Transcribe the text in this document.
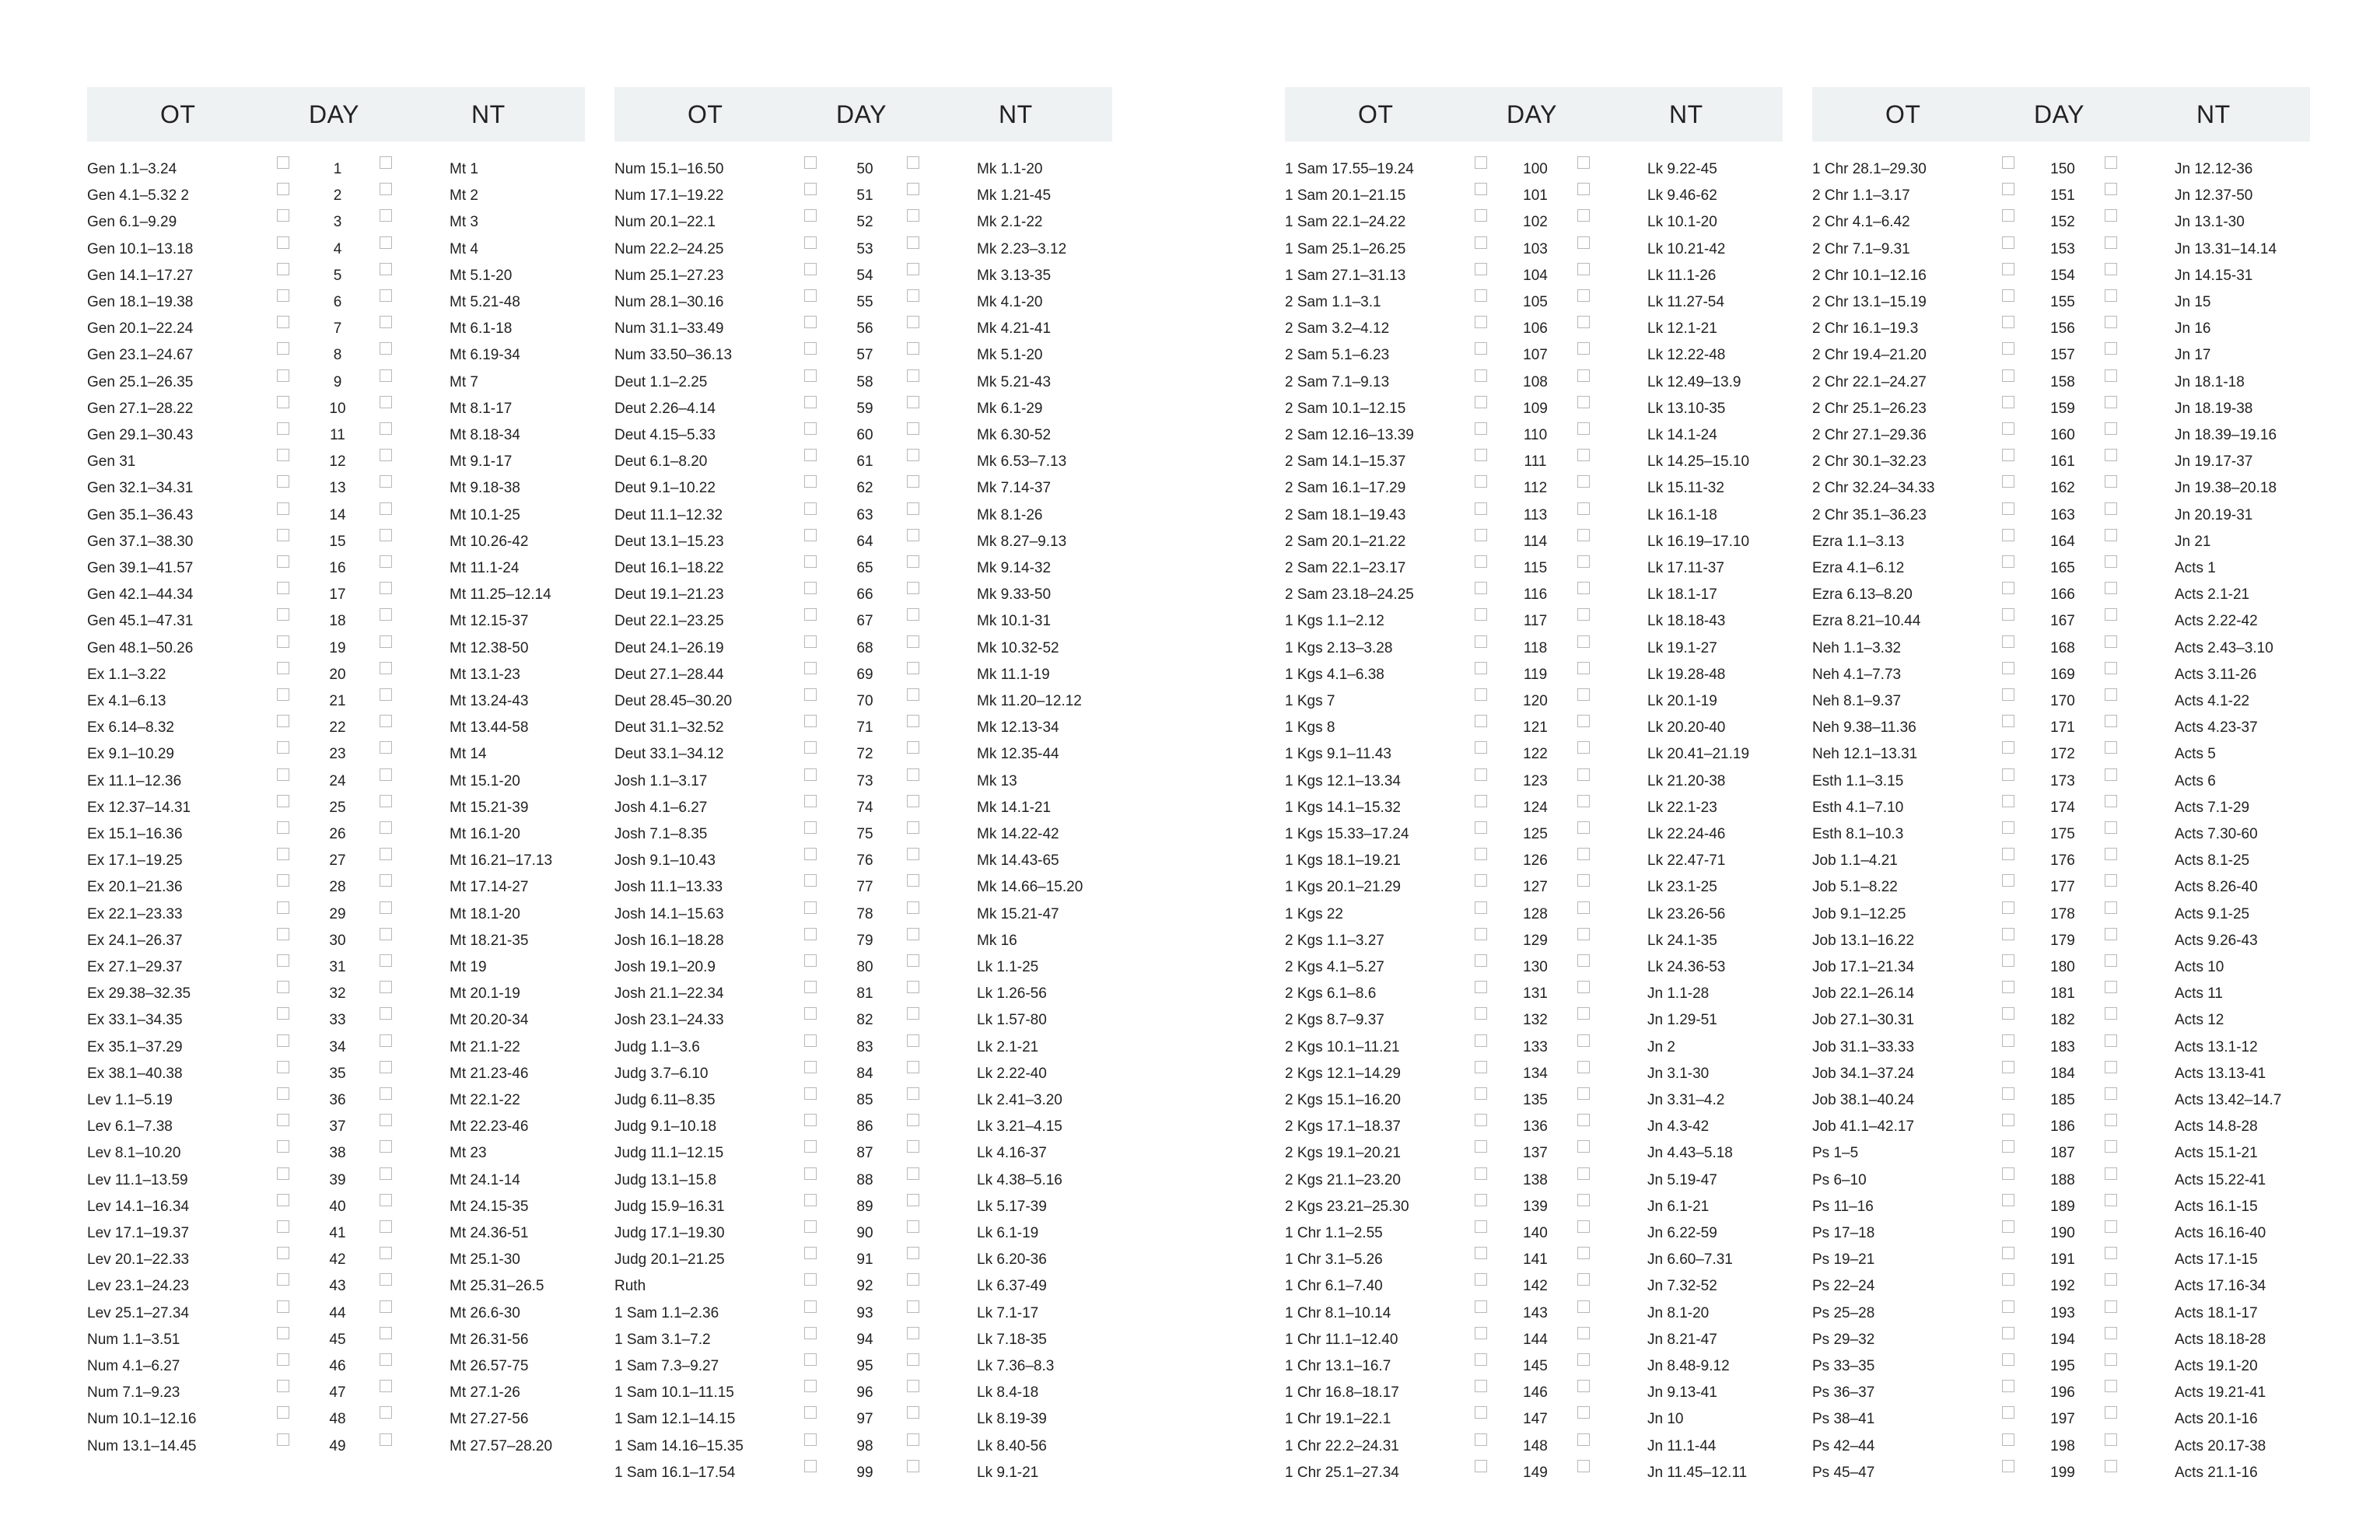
OT	DAY	NT
Gen 1.1–3.24	1	Mt 1
Gen 4.1–5.32 2	2	Mt 2
Gen 6.1–9.29	3	Mt 3
Gen 10.1–13.18	4	Mt 4
Gen 14.1–17.27	5	Mt 5.1-20
Gen 18.1–19.38	6	Mt 5.21-48
Gen 20.1–22.24	7	Mt 6.1-18
Gen 23.1–24.67	8	Mt 6.19-34
Gen 25.1–26.35	9	Mt 7
Gen 27.1–28.22	10	Mt 8.1-17
Gen 29.1–30.43	11	Mt 8.18-34
Gen 31	12	Mt 9.1-17
Gen 32.1–34.31	13	Mt 9.18-38
Gen 35.1–36.43	14	Mt 10.1-25
Gen 37.1–38.30	15	Mt 10.26-42
Gen 39.1–41.57	16	Mt 11.1-24
Gen 42.1–44.34	17	Mt 11.25–12.14
Gen 45.1–47.31	18	Mt 12.15-37
Gen 48.1–50.26	19	Mt 12.38-50
Ex 1.1–3.22	20	Mt 13.1-23
Ex 4.1–6.13	21	Mt 13.24-43
Ex 6.14–8.32	22	Mt 13.44-58
Ex 9.1–10.29	23	Mt 14
Ex 11.1–12.36	24	Mt 15.1-20
Ex 12.37–14.31	25	Mt 15.21-39
Ex 15.1–16.36	26	Mt 16.1-20
Ex 17.1–19.25	27	Mt 16.21–17.13
Ex 20.1–21.36	28	Mt 17.14-27
Ex 22.1–23.33	29	Mt 18.1-20
Ex 24.1–26.37	30	Mt 18.21-35
Ex 27.1–29.37	31	Mt 19
Ex 29.38–32.35	32	Mt 20.1-19
Ex 33.1–34.35	33	Mt 20.20-34
Ex 35.1–37.29	34	Mt 21.1-22
Ex 38.1–40.38	35	Mt 21.23-46
Lev 1.1–5.19	36	Mt 22.1-22
Lev 6.1–7.38	37	Mt 22.23-46
Lev 8.1–10.20	38	Mt 23
Lev 11.1–13.59	39	Mt 24.1-14
Lev 14.1–16.34	40	Mt 24.15-35
Lev 17.1–19.37	41	Mt 24.36-51
Lev 20.1–22.33	42	Mt 25.1-30
Lev 23.1–24.23	43	Mt 25.31–26.5
Lev 25.1–27.34	44	Mt 26.6-30
Num 1.1–3.51	45	Mt 26.31-56
Num 4.1–6.27	46	Mt 26.57-75
Num 7.1–9.23	47	Mt 27.1-26
Num 10.1–12.16	48	Mt 27.27-56
Num 13.1–14.45	49	Mt 27.57–28.20
OT	DAY	NT
Num 15.1–16.50	50	Mk 1.1-20
Num 17.1–19.22	51	Mk 1.21-45
Num 20.1–22.1	52	Mk 2.1-22
Num 22.2–24.25	53	Mk 2.23–3.12
Num 25.1–27.23	54	Mk 3.13-35
Num 28.1–30.16	55	Mk 4.1-20
Num 31.1–33.49	56	Mk 4.21-41
Num 33.50–36.13	57	Mk 5.1-20
Deut 1.1–2.25	58	Mk 5.21-43
Deut 2.26–4.14	59	Mk 6.1-29
Deut 4.15–5.33	60	Mk 6.30-52
Deut 6.1–8.20	61	Mk 6.53–7.13
Deut 9.1–10.22	62	Mk 7.14-37
Deut 11.1–12.32	63	Mk 8.1-26
Deut 13.1–15.23	64	Mk 8.27–9.13
Deut 16.1–18.22	65	Mk 9.14-32
Deut 19.1–21.23	66	Mk 9.33-50
Deut 22.1–23.25	67	Mk 10.1-31
Deut 24.1–26.19	68	Mk 10.32-52
Deut 27.1–28.44	69	Mk 11.1-19
Deut 28.45–30.20	70	Mk 11.20–12.12
Deut 31.1–32.52	71	Mk 12.13-34
Deut 33.1–34.12	72	Mk 12.35-44
Josh 1.1–3.17	73	Mk 13
Josh 4.1–6.27	74	Mk 14.1-21
Josh 7.1–8.35	75	Mk 14.22-42
Josh 9.1–10.43	76	Mk 14.43-65
Josh 11.1–13.33	77	Mk 14.66–15.20
Josh 14.1–15.63	78	Mk 15.21-47
Josh 16.1–18.28	79	Mk 16
Josh 19.1–20.9	80	Lk 1.1-25
Josh 21.1–22.34	81	Lk 1.26-56
Josh 23.1–24.33	82	Lk 1.57-80
Judg 1.1–3.6	83	Lk 2.1-21
Judg 3.7–6.10	84	Lk 2.22-40
Judg 6.11–8.35	85	Lk 2.41–3.20
Judg 9.1–10.18	86	Lk 3.21–4.15
Judg 11.1–12.15	87	Lk 4.16-37
Judg 13.1–15.8	88	Lk 4.38–5.16
Judg 15.9–16.31	89	Lk 5.17-39
Judg 17.1–19.30	90	Lk 6.1-19
Judg 20.1–21.25	91	Lk 6.20-36
Ruth	92	Lk 6.37-49
1 Sam 1.1–2.36	93	Lk 7.1-17
1 Sam 3.1–7.2	94	Lk 7.18-35
1 Sam 7.3–9.27	95	Lk 7.36–8.3
1 Sam 10.1–11.15	96	Lk 8.4-18
1 Sam 12.1–14.15	97	Lk 8.19-39
1 Sam 14.16–15.35	98	Lk 8.40-56
1 Sam 16.1–17.54	99	Lk 9.1-21
OT	DAY	NT
1 Sam 17.55–19.24	100	Lk 9.22-45
1 Sam 20.1–21.15	101	Lk 9.46-62
1 Sam 22.1–24.22	102	Lk 10.1-20
1 Sam 25.1–26.25	103	Lk 10.21-42
1 Sam 27.1–31.13	104	Lk 11.1-26
2 Sam 1.1–3.1	105	Lk 11.27-54
2 Sam 3.2–4.12	106	Lk 12.1-21
2 Sam 5.1–6.23	107	Lk 12.22-48
2 Sam 7.1–9.13	108	Lk 12.49–13.9
2 Sam 10.1–12.15	109	Lk 13.10-35
2 Sam 12.16–13.39	110	Lk 14.1-24
2 Sam 14.1–15.37	111	Lk 14.25–15.10
2 Sam 16.1–17.29	112	Lk 15.11-32
2 Sam 18.1–19.43	113	Lk 16.1-18
2 Sam 20.1–21.22	114	Lk 16.19–17.10
2 Sam 22.1–23.17	115	Lk 17.11-37
2 Sam 23.18–24.25	116	Lk 18.1-17
1 Kgs 1.1–2.12	117	Lk 18.18-43
1 Kgs 2.13–3.28	118	Lk 19.1-27
1 Kgs 4.1–6.38	119	Lk 19.28-48
1 Kgs 7	120	Lk 20.1-19
1 Kgs 8	121	Lk 20.20-40
1 Kgs 9.1–11.43	122	Lk 20.41–21.19
1 Kgs 12.1–13.34	123	Lk 21.20-38
1 Kgs 14.1–15.32	124	Lk 22.1-23
1 Kgs 15.33–17.24	125	Lk 22.24-46
1 Kgs 18.1–19.21	126	Lk 22.47-71
1 Kgs 20.1–21.29	127	Lk 23.1-25
1 Kgs 22	128	Lk 23.26-56
2 Kgs 1.1–3.27	129	Lk 24.1-35
2 Kgs 4.1–5.27	130	Lk 24.36-53
2 Kgs 6.1–8.6	131	Jn 1.1-28
2 Kgs 8.7–9.37	132	Jn 1.29-51
2 Kgs 10.1–11.21	133	Jn 2
2 Kgs 12.1–14.29	134	Jn 3.1-30
2 Kgs 15.1–16.20	135	Jn 3.31–4.2
2 Kgs 17.1–18.37	136	Jn 4.3-42
2 Kgs 19.1–20.21	137	Jn 4.43–5.18
2 Kgs 21.1–23.20	138	Jn 5.19-47
2 Kgs 23.21–25.30	139	Jn 6.1-21
1 Chr 1.1–2.55	140	Jn 6.22-59
1 Chr 3.1–5.26	141	Jn 6.60–7.31
1 Chr 6.1–7.40	142	Jn 7.32-52
1 Chr 8.1–10.14	143	Jn 8.1-20
1 Chr 11.1–12.40	144	Jn 8.21-47
1 Chr 13.1–16.7	145	Jn 8.48-9.12
1 Chr 16.8–18.17	146	Jn 9.13-41
1 Chr 19.1–22.1	147	Jn 10
1 Chr 22.2–24.31	148	Jn 11.1-44
1 Chr 25.1–27.34	149	Jn 11.45–12.11
OT	DAY	NT
1 Chr 28.1–29.30	150	Jn 12.12-36
2 Chr 1.1–3.17	151	Jn 12.37-50
2 Chr 4.1–6.42	152	Jn 13.1-30
2 Chr 7.1–9.31	153	Jn 13.31–14.14
2 Chr 10.1–12.16	154	Jn 14.15-31
2 Chr 13.1–15.19	155	Jn 15
2 Chr 16.1–19.3	156	Jn 16
2 Chr 19.4–21.20	157	Jn 17
2 Chr 22.1–24.27	158	Jn 18.1-18
2 Chr 25.1–26.23	159	Jn 18.19-38
2 Chr 27.1–29.36	160	Jn 18.39–19.16
2 Chr 30.1–32.23	161	Jn 19.17-37
2 Chr 32.24–34.33	162	Jn 19.38–20.18
2 Chr 35.1–36.23	163	Jn 20.19-31
Ezra 1.1–3.13	164	Jn 21
Ezra 4.1–6.12	165	Acts 1
Ezra 6.13–8.20	166	Acts 2.1-21
Ezra 8.21–10.44	167	Acts 2.22-42
Neh 1.1–3.32	168	Acts 2.43–3.10
Neh 4.1–7.73	169	Acts 3.11-26
Neh 8.1–9.37	170	Acts 4.1-22
Neh 9.38–11.36	171	Acts 4.23-37
Neh 12.1–13.31	172	Acts 5
Esth 1.1–3.15	173	Acts 6
Esth 4.1–7.10	174	Acts 7.1-29
Esth 8.1–10.3	175	Acts 7.30-60
Job 1.1–4.21	176	Acts 8.1-25
Job 5.1–8.22	177	Acts 8.26-40
Job 9.1–12.25	178	Acts 9.1-25
Job 13.1–16.22	179	Acts 9.26-43
Job 17.1–21.34	180	Acts 10
Job 22.1–26.14	181	Acts 11
Job 27.1–30.31	182	Acts 12
Job 31.1–33.33	183	Acts 13.1-12
Job 34.1–37.24	184	Acts 13.13-41
Job 38.1–40.24	185	Acts 13.42–14.7
Job 41.1–42.17	186	Acts 14.8-28
Ps 1–5	187	Acts 15.1-21
Ps 6–10	188	Acts 15.22-41
Ps 11–16	189	Acts 16.1-15
Ps 17–18	190	Acts 16.16-40
Ps 19–21	191	Acts 17.1-15
Ps 22–24	192	Acts 17.16-34
Ps 25–28	193	Acts 18.1-17
Ps 29–32	194	Acts 18.18-28
Ps 33–35	195	Acts 19.1-20
Ps 36–37	196	Acts 19.21-41
Ps 38–41	197	Acts 20.1-16
Ps 42–44	198	Acts 20.17-38
Ps 45–47	199	Acts 21.1-16
